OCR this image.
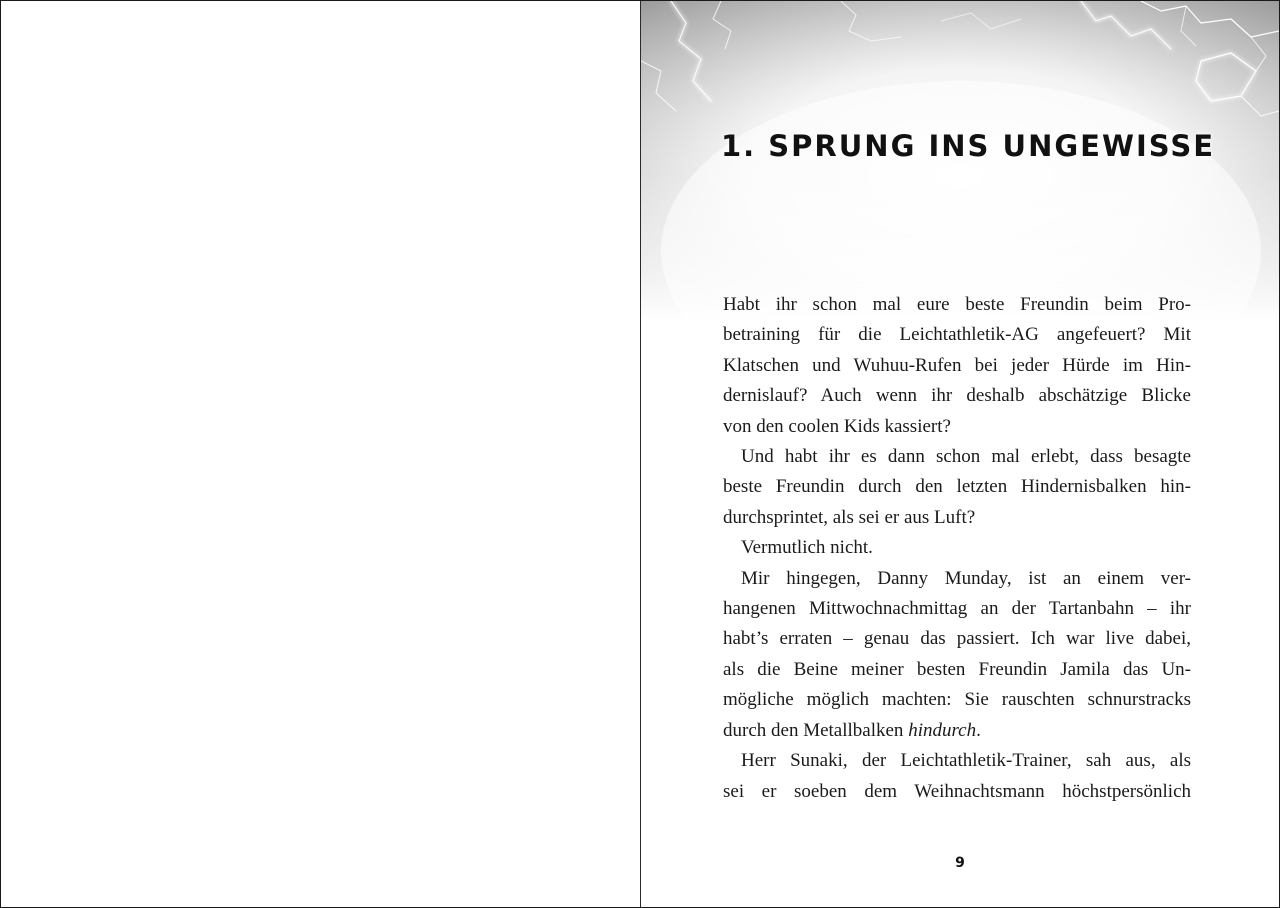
1. SPRUNG INS UNGEWISSE

Habt ihr schon mal eure beste Freundin beim Pro-
betraining für die Leichtathletik-AG angefeuert? Mit
Klatschen und Wuhuu-Rufen bei jeder Hürde im Hin-
dernislauf? Auch wenn ihr deshalb abschätzige Blicke
von den coolen Kids kassiert?

Und habt ihr es dann schon mal erlebt, dass besagte
beste Freundin durch den letzten Hindernisbalken hin-
durchsprintet, als sei er aus Luft?

Vermutlich nicht.

Mir hingegen, Danny Munday, ist an einem ver-
hangenen Mittwochnachmittag an der Tartanbahn – ihr
habt’s erraten – genau das passiert. Ich war live dabei,
als die Beine meiner besten Freundin Jamila das Un-
mögliche möglich machten: Sie rauschten schnurstracks
durch den Metallbalken hindurch.

Herr Sunaki, der Leichtathletik-Trainer, sah aus, als
sei er soeben dem Weihnachtsmann höchstpersönlich

9
